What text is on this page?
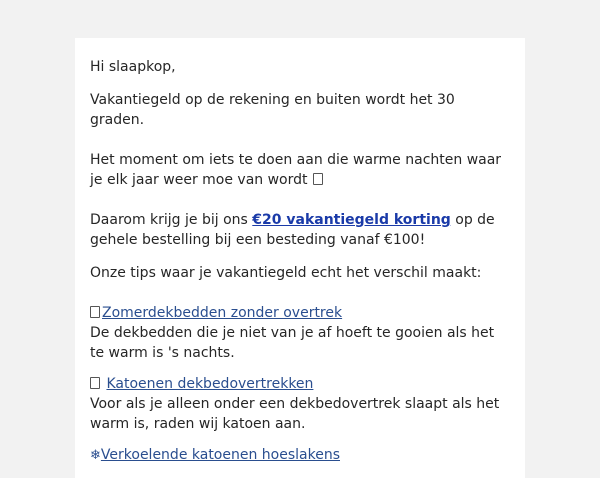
Hi slaapkop,

Vakantiegeld op de rekening en buiten wordt het 30 graden.

Het moment om iets te doen aan die warme nachten waar je elk jaar weer moe van wordt

Daarom krijg je bij ons €20 vakantiegeld korting op de gehele bestelling bij een besteding vanaf €100!

Onze tips waar je vakantiegeld echt het verschil maakt:

Zomerdekbedden zonder overtrek
De dekbedden die je niet van je af hoeft te gooien als het te warm is 's nachts.
Katoenen dekbedovertrekken
Voor als je alleen onder een dekbedovertrek slaapt als het warm is, raden wij katoen aan.
❄Verkoelende katoenen hoeslakens
